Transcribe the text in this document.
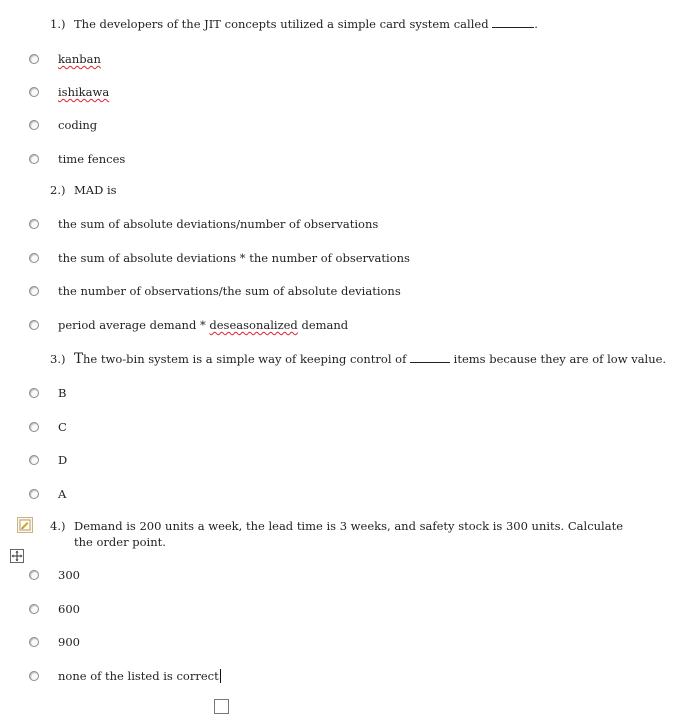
1.) The developers of the JIT concepts utilized a simple card system called	.
kanban
ishikawa
coding
time fences
2.) MAD is
the sum of absolute deviations/number of observations
the sum of absolute deviations * the number of observations
the number of observations/the sum of absolute deviations
period average demand * deseasonalized demand
3.) The two-bin system is a simple way of keeping control of	items because they are of low value.
B
C
D
A
4.) Demand is 200 units a week, the lead time is 3 weeks, and safety stock is 300 units. Calculate the order point.
300
600
900
none of the listed is correct
